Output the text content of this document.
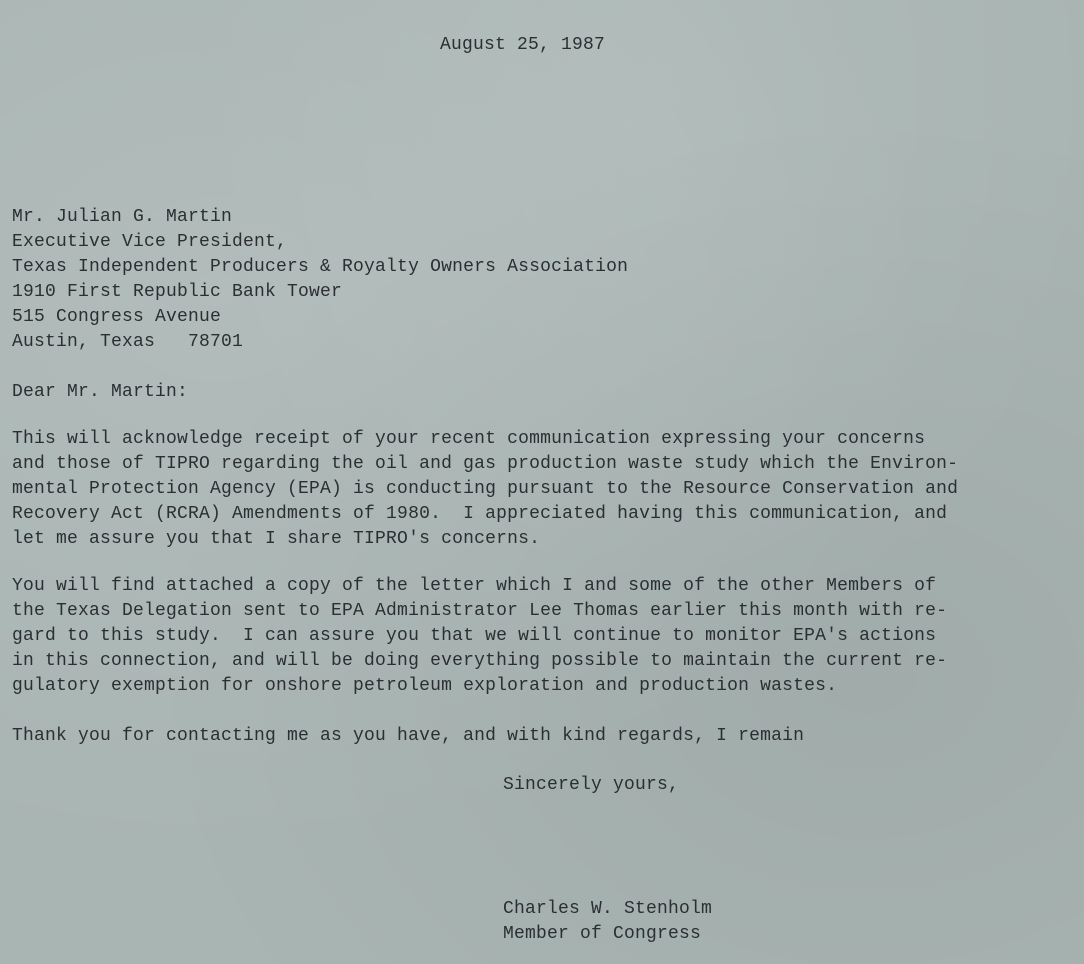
August 25, 1987
Mr. Julian G. Martin
Executive Vice President,
Texas Independent Producers & Royalty Owners Association
1910 First Republic Bank Tower
515 Congress Avenue
Austin, Texas   78701
Dear Mr. Martin:
This will acknowledge receipt of your recent communication expressing your concerns
and those of TIPRO regarding the oil and gas production waste study which the Environ-
mental Protection Agency (EPA) is conducting pursuant to the Resource Conservation and
Recovery Act (RCRA) Amendments of 1980.  I appreciated having this communication, and
let me assure you that I share TIPRO's concerns.
You will find attached a copy of the letter which I and some of the other Members of
the Texas Delegation sent to EPA Administrator Lee Thomas earlier this month with re-
gard to this study.  I can assure you that we will continue to monitor EPA's actions
in this connection, and will be doing everything possible to maintain the current re-
gulatory exemption for onshore petroleum exploration and production wastes.
Thank you for contacting me as you have, and with kind regards, I remain
Sincerely yours,
Charles W. Stenholm
Member of Congress
